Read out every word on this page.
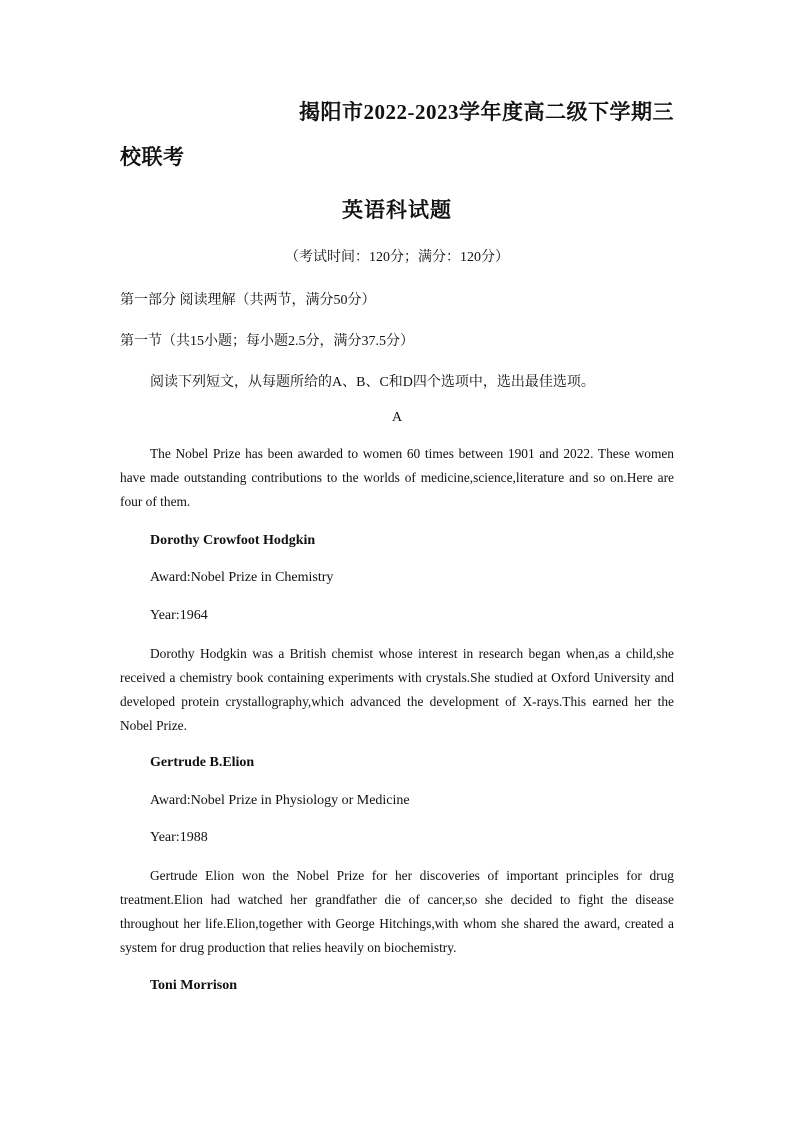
揭阳市2022-2023学年度高二级下学期三
校联考
英语科试题
（考试时间：120分；满分：120分）
第一部分 阅读理解（共两节，满分50分）
第一节（共15小题；每小题2.5分，满分37.5分）
阅读下列短文，从每题所给的A、B、C和D四个选项中，选出最佳选项。
A
The Nobel Prize has been awarded to women 60 times between 1901 and 2022. These women have made outstanding contributions to the worlds of medicine,science,literature and so on.Here are four of them.
Dorothy Crowfoot Hodgkin
Award:Nobel Prize in Chemistry
Year:1964
Dorothy Hodgkin was a British chemist whose interest in research began when,as a child,she received a chemistry book containing experiments with crystals.She studied at Oxford University and developed protein crystallography,which advanced the development of X-rays.This earned her the Nobel Prize.
Gertrude B.Elion
Award:Nobel Prize in Physiology or Medicine
Year:1988
Gertrude Elion won the Nobel Prize for her discoveries of important principles for drug treatment.Elion had watched her grandfather die of cancer,so she decided to fight the disease throughout her life.Elion,together with George Hitchings,with whom she shared the award, created a system for drug production that relies heavily on biochemistry.
Toni Morrison
